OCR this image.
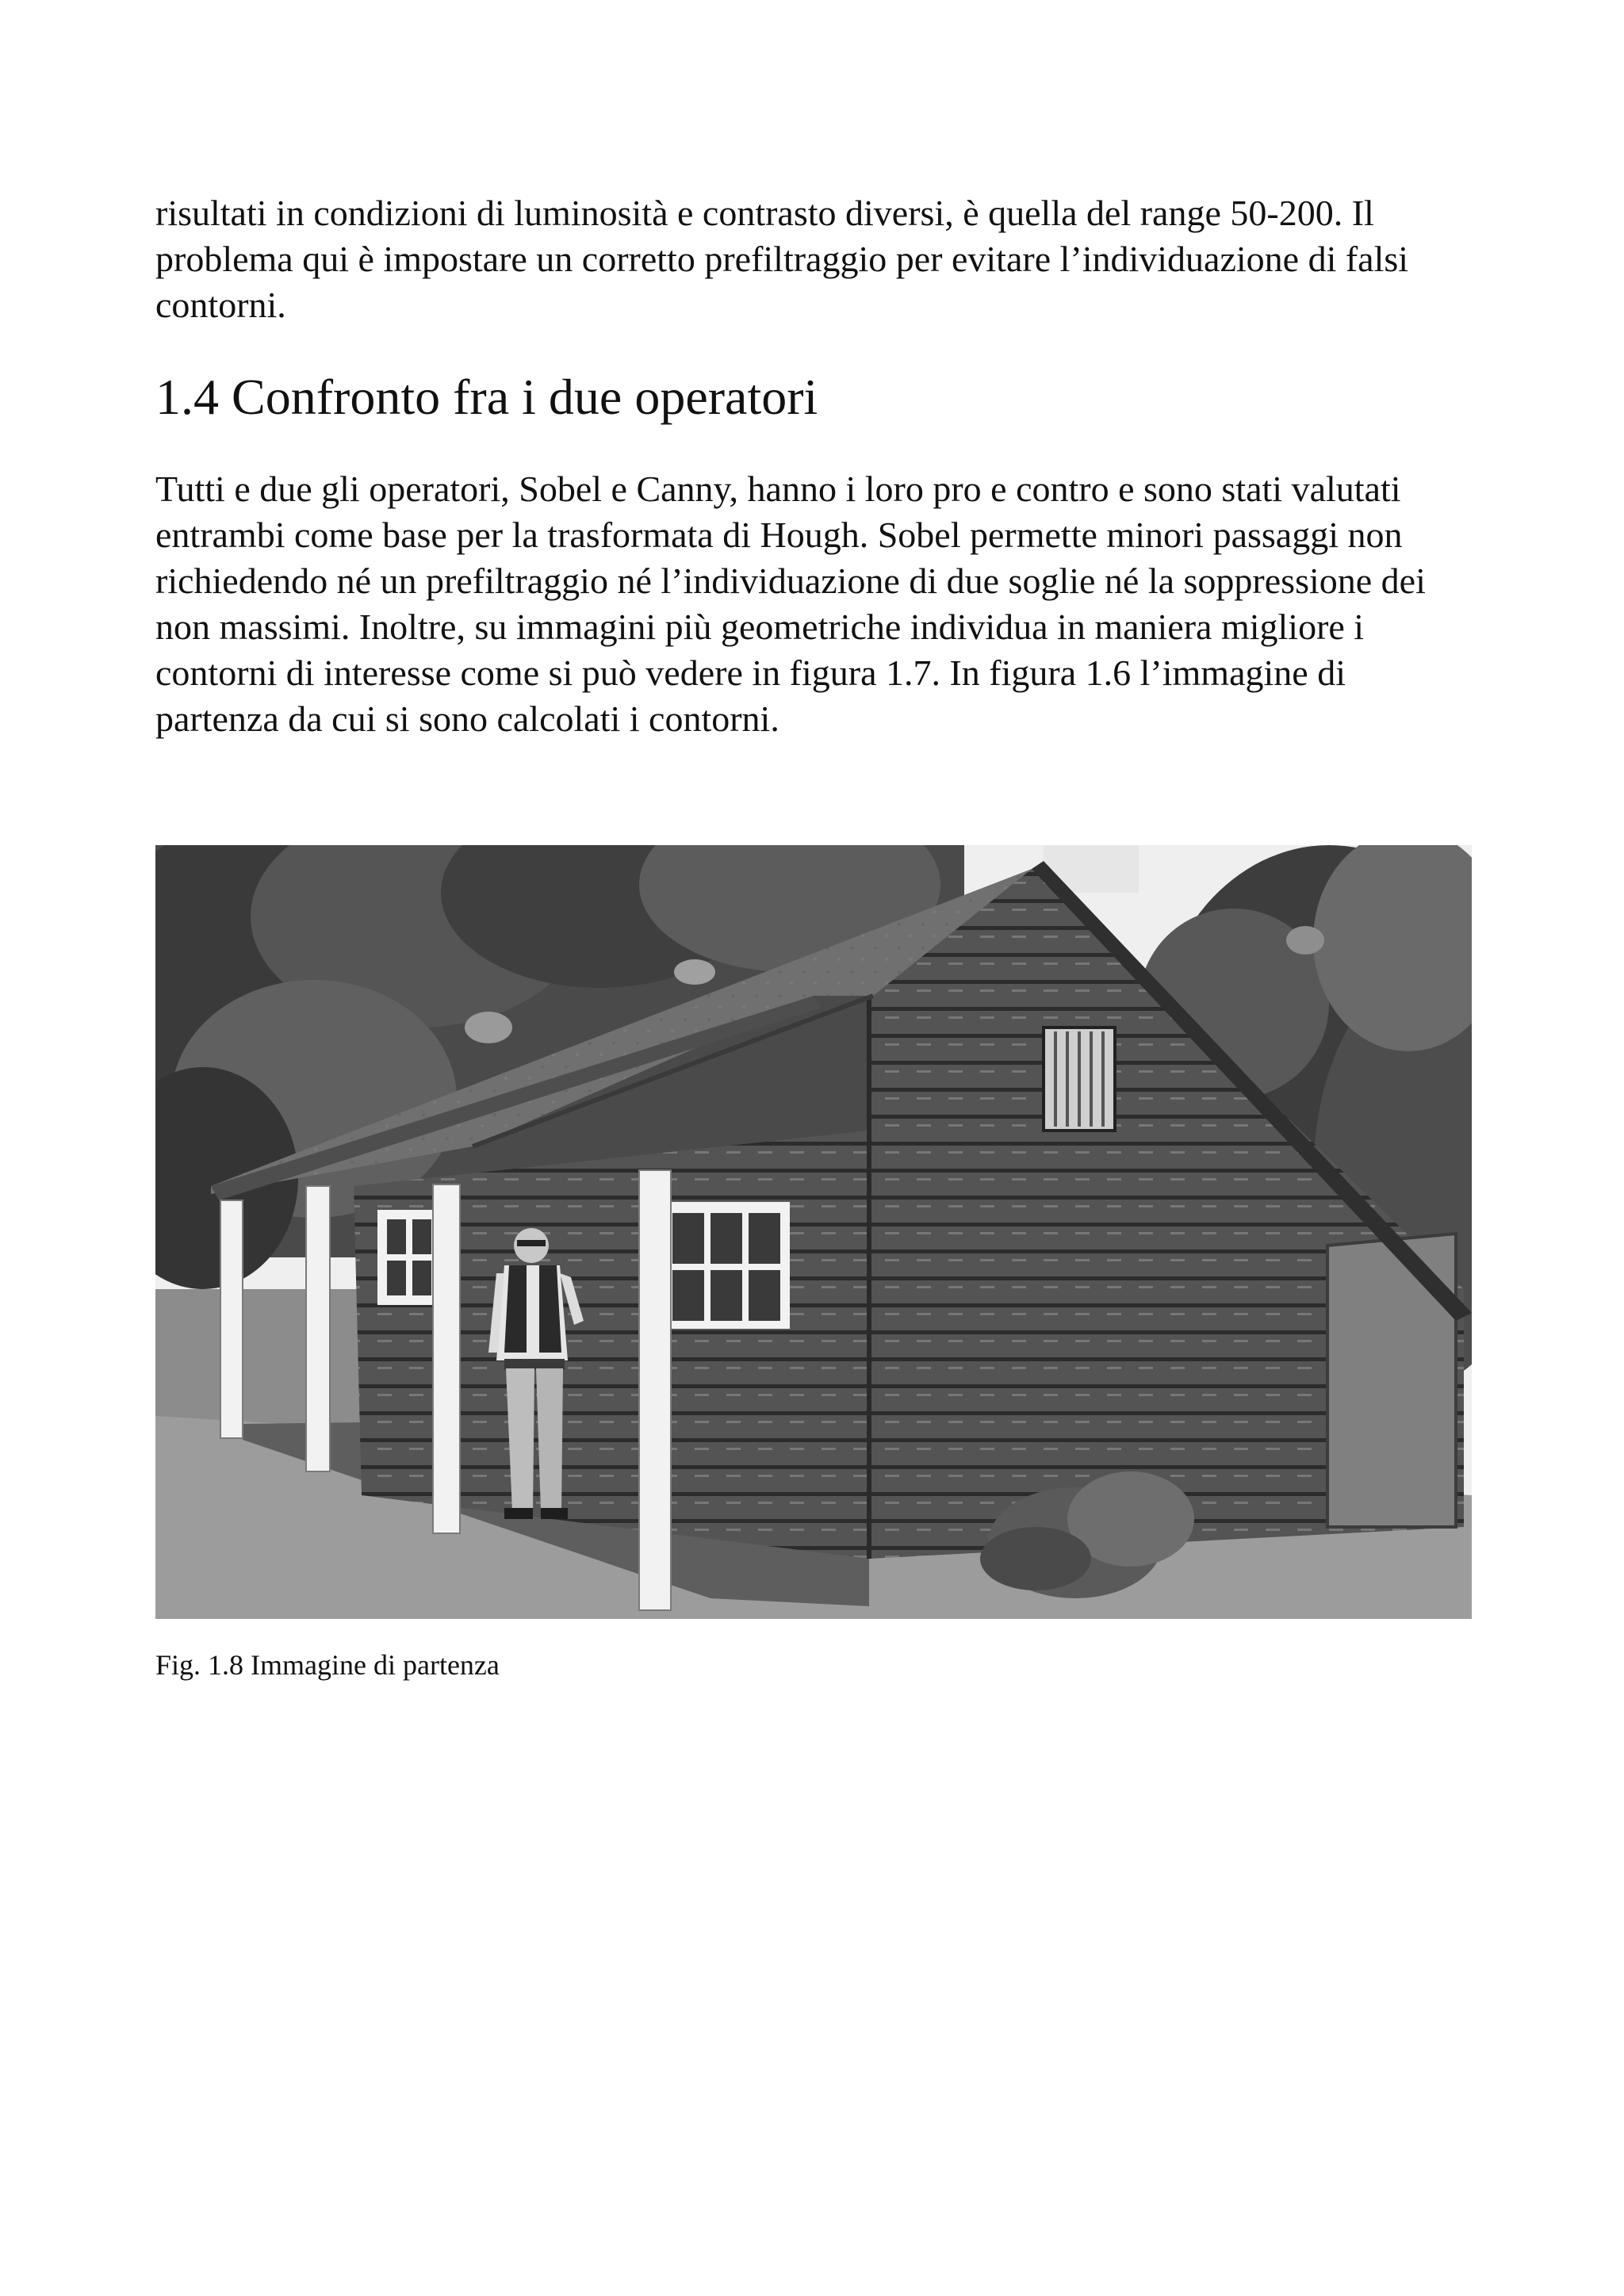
risultati in condizioni di luminosità e contrasto diversi, è quella del range 50-200. Il problema qui è impostare un corretto prefiltraggio per evitare l’individuazione di falsi contorni.

1.4 Confronto fra i due operatori

Tutti e due gli operatori, Sobel e Canny, hanno i loro pro e contro e sono stati valutati entrambi come base per la trasformata di Hough. Sobel permette minori passaggi non richiedendo né un prefiltraggio né l’individuazione di due soglie né la soppressione dei non massimi. Inoltre, su immagini più geometriche individua in maniera migliore i contorni di interesse come si può vedere in figura 1.7. In figura 1.6 l’immagine di partenza da cui si sono calcolati i contorni.

Fig. 1.8 Immagine di partenza
